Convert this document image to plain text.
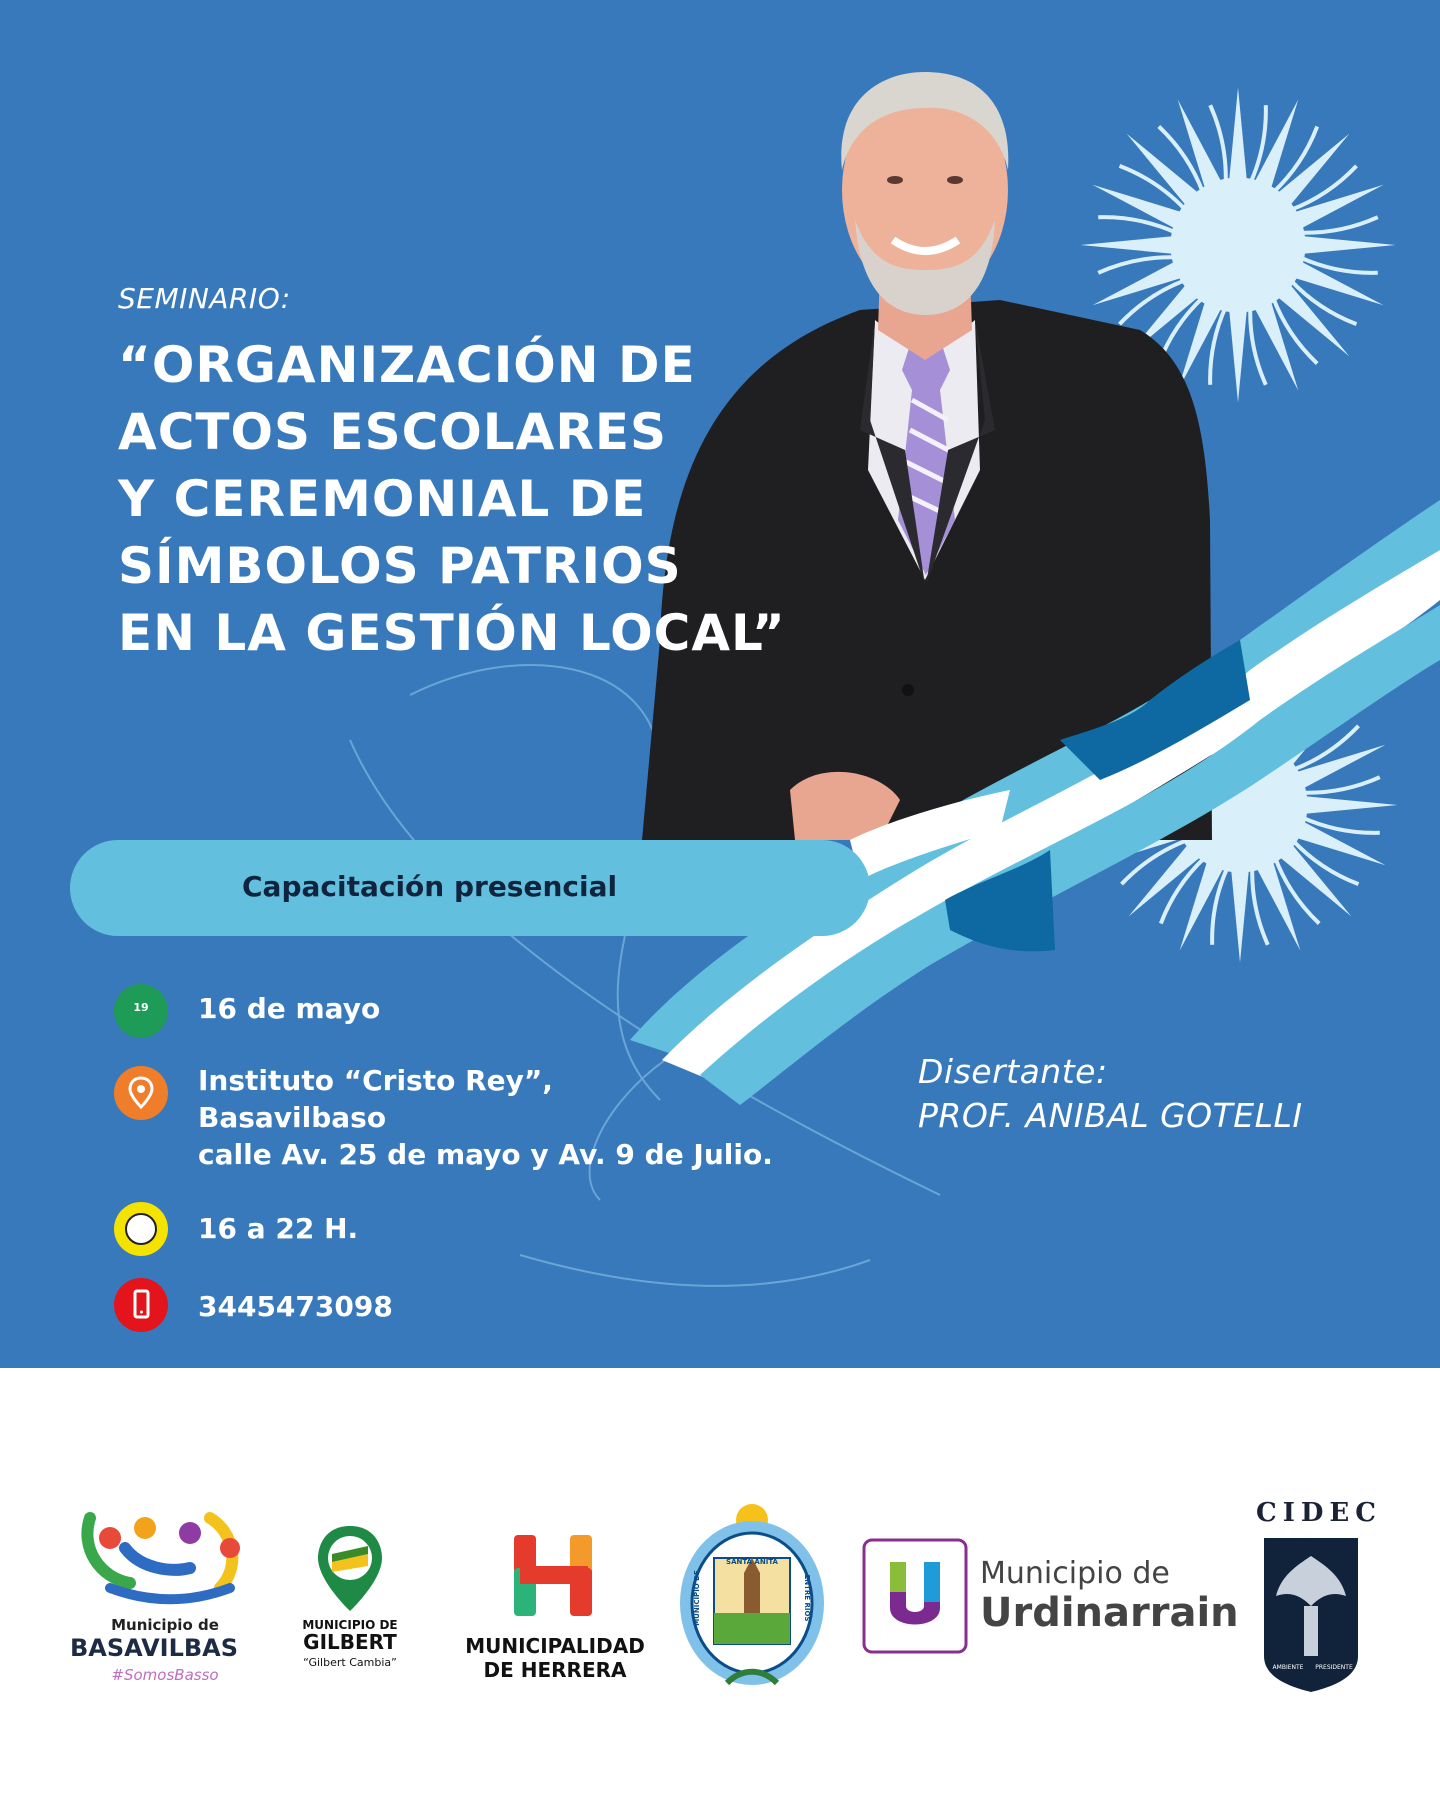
SEMINARIO:
“ORGANIZACIÓN DE
ACTOS ESCOLARES
Y CEREMONIAL DE
SÍMBOLOS PATRIOS
EN LA GESTIÓN LOCAL”
Capacitación presencial
19	16 de mayo
Instituto “Cristo Rey”,
Basavilbaso
calle Av. 25 de mayo y Av. 9 de Julio.
16 a 22 H.
3445473098
Disertante:
PROF. ANIBAL GOTELLI
Municipio de
BASAVILBAS
#SomosBasso
MUNICIPIO DE
GILBERT
“Gilbert Cambia”
MUNICIPALIDAD
DE HERRERA
SANTA ANITA
MUNICIPIO DE	ENTRE RIOS
Municipio de
Urdinarrain
CIDEC
AMBIENTE	PRESIDENTE
